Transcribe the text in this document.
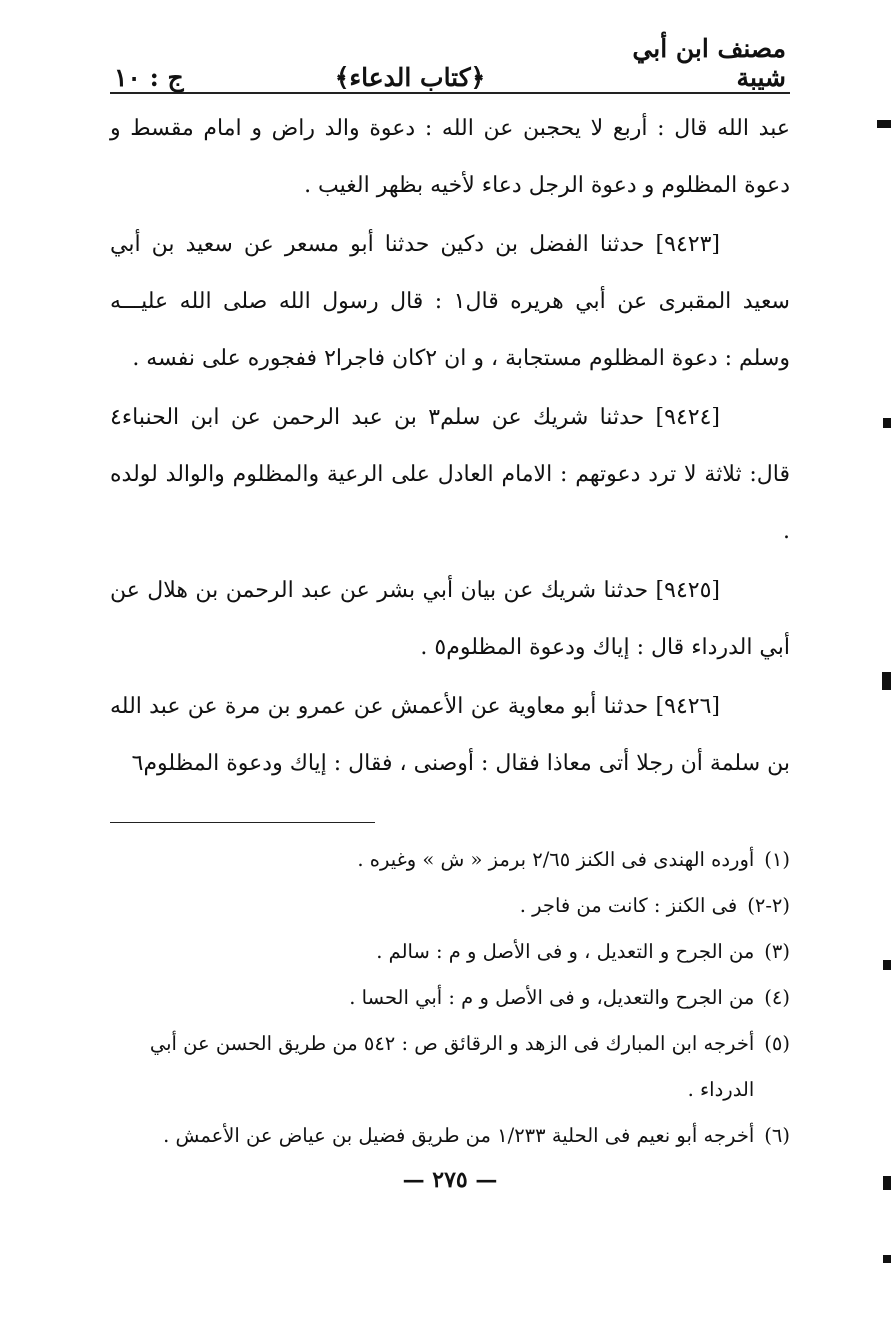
مصنف ابن أبي شيبة
﴿كتاب الدعاء﴾
ج : ١٠

عبد الله قال : أربع لا يحجبن عن الله : دعوة والد راض و امام مقسط و دعوة المظلوم و دعوة الرجل دعاء لأخيه بظهر الغيب .

[٩٤٢٣] حدثنا الفضل بن دكين حدثنا أبو مسعر عن سعيد بن أبي سعيد المقبرى عن أبي هريره قال١ : قال رسول الله صلى الله عليـــه وسلم : دعوة المظلوم مستجابة ، و ان ٢كان فاجرا٢ ففجوره على نفسه .

[٩٤٢٤] حدثنا شريك عن سلم٣ بن عبد الرحمن عن ابن الحنباء٤ قال: ثلاثة لا ترد دعوتهم : الامام العادل على الرعية والمظلوم والوالد لولده .

[٩٤٢٥] حدثنا شريك عن بيان أبي بشر عن عبد الرحمن بن هلال عن أبي الدرداء قال : إياك ودعوة المظلوم٥ .

[٩٤٢٦] حدثنا أبو معاوية عن الأعمش عن عمرو بن مرة عن عبد الله بن سلمة أن رجلا أتى معاذا فقال : أوصنى ، فقال : إياك ودعوة المظلوم٦

(١)
أورده الهندى فى الكنز ٢/٦٥ برمز « ش » وغيره .
(٢-٢)
فى الكنز : كانت من فاجر .
(٣)
من الجرح و التعديل ، و فى الأصل و م : سالم .
(٤)
من الجرح والتعديل، و فى الأصل و م : أبي الحسا .
(٥)
أخرجه ابن المبارك فى الزهد و الرقائق ص : ٥٤٢ من طريق الحسن عن أبي الدرداء .
(٦)
أخرجه أبو نعيم فى الحلية ١/٢٣٣ من طريق فضيل بن عياض عن الأعمش .
— ٢٧٥ —
